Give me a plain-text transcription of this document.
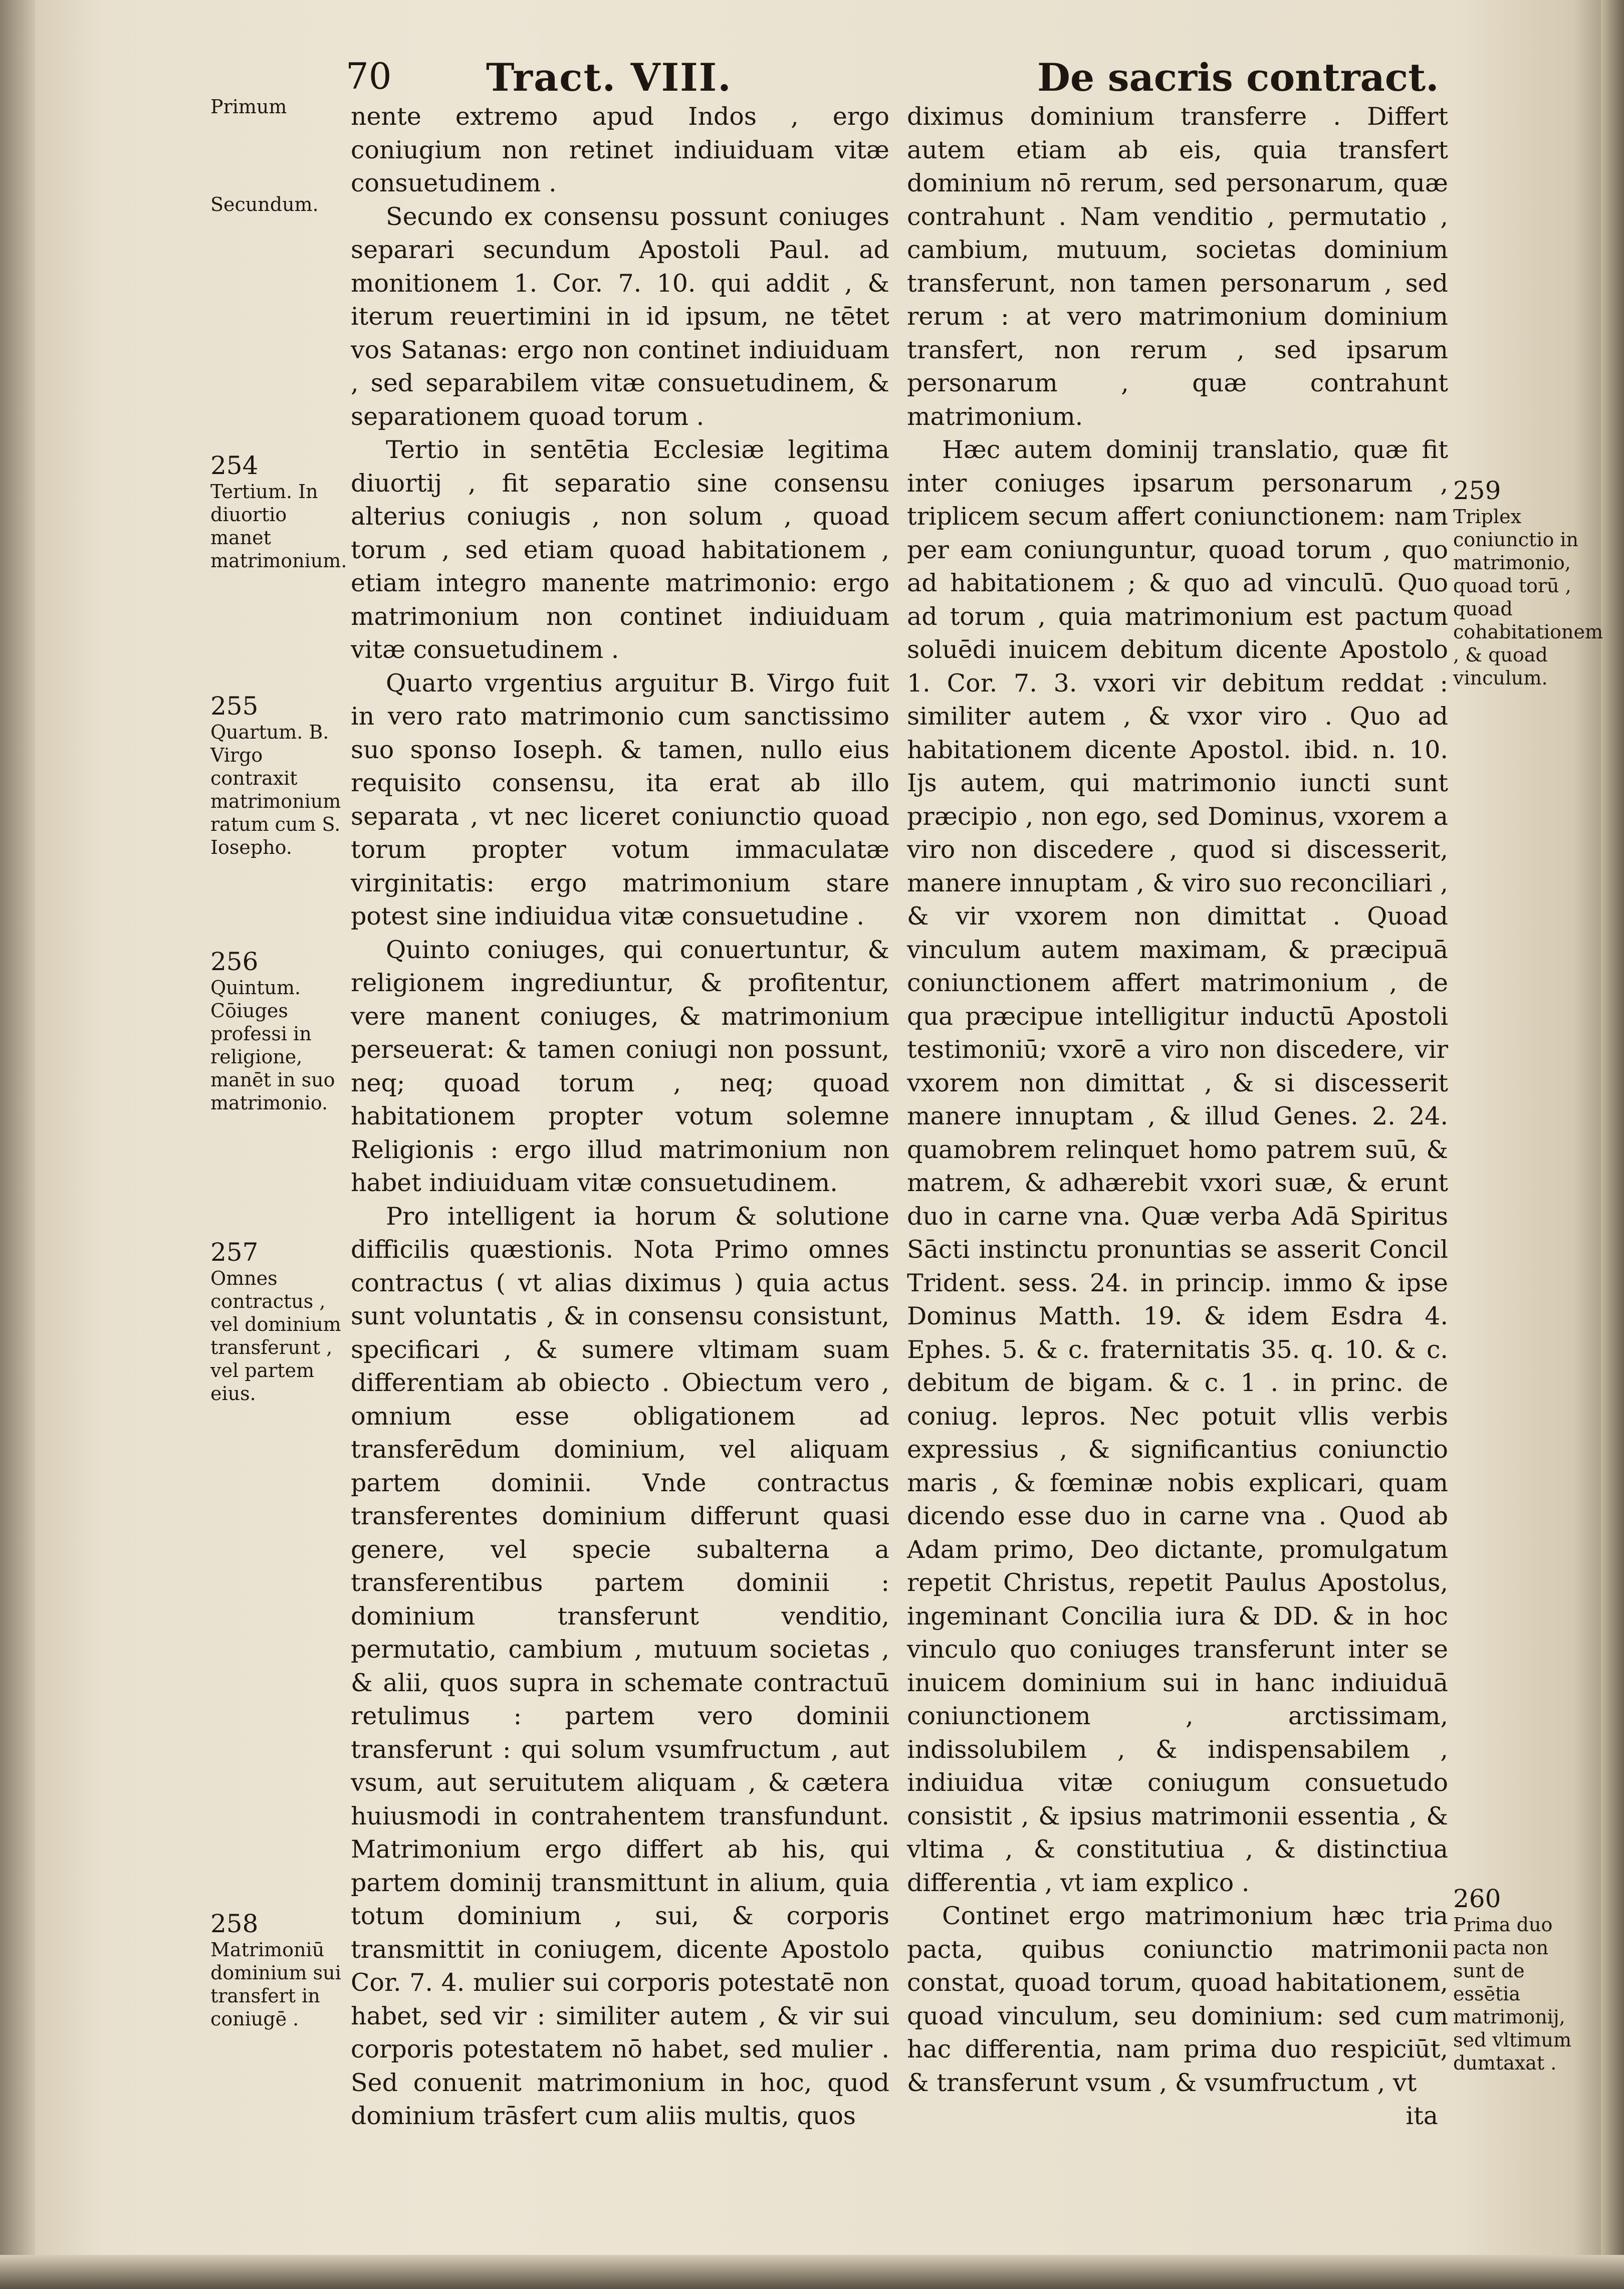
70 Tract. VIII.	De sacris contract.

nente extremo apud Indos , ergo coniugium non retinet indiuiduam vitæ consuetudinem .

Secundo ex consensu possunt coniuges separari secundum Apostoli Paul. ad monitionem 1. Cor. 7. 10. qui addit , & iterum reuertimini in id ipsum, ne tētet vos Satanas: ergo non continet indiuiduam , sed separabilem vitæ consuetudinem, & separationem quoad torum .

Tertio in sentētia Ecclesiæ legitima diuortij , fit separatio sine consensu alterius coniugis , non solum , quoad torum , sed etiam quoad habitationem , etiam integro manente matrimonio: ergo matrimonium non continet indiuiduam vitæ consuetudinem .

Quarto vrgentius arguitur B. Virgo fuit in vero rato matrimonio cum sanctissimo suo sponso Ioseph. & tamen, nullo eius requisito consensu, ita erat ab illo separata , vt nec liceret coniunctio quoad torum propter votum immaculatæ virginitatis: ergo matrimonium stare potest sine indiuidua vitæ consuetudine .

Quinto coniuges, qui conuertuntur, & religionem ingrediuntur, & profitentur, vere manent coniuges, & matrimonium perseuerat: & tamen coniugi non possunt, neq; quoad torum , neq; quoad habitationem propter votum solemne Religionis : ergo illud matrimonium non habet indiuiduam vitæ consuetudinem.

Pro intelligent ia horum & solutione difficilis quæstionis. Nota Primo omnes contractus ( vt alias diximus ) quia actus sunt voluntatis , & in consensu consistunt, specificari , & sumere vltimam suam differentiam ab obiecto . Obiectum vero , omnium esse obligationem ad transferēdum dominium, vel aliquam partem dominii. Vnde contractus transferentes dominium differunt quasi genere, vel specie subalterna a transferentibus partem dominii : dominium transferunt venditio, permutatio, cambium , mutuum societas , & alii, quos supra in schemate contractuū retulimus : partem vero dominii transferunt : qui solum vsumfructum , aut vsum, aut seruitutem aliquam , & cætera huiusmodi in contrahentem transfundunt. Matrimonium ergo differt ab his, qui partem dominij transmittunt in alium, quia totum dominium , sui, & corporis transmittit in coniugem, dicente Apostolo Cor. 7. 4. mulier sui corporis potestatē non habet, sed vir : similiter autem , & vir sui corporis potestatem nō habet, sed mulier . Sed conuenit matrimonium in hoc, quod dominium trāsfert cum aliis multis, quos

diximus dominium transferre . Differt autem etiam ab eis, quia transfert dominium nō rerum, sed personarum, quæ contrahunt . Nam venditio , permutatio , cambium, mutuum, societas dominium transferunt, non tamen personarum , sed rerum : at vero matrimonium dominium transfert, non rerum , sed ipsarum personarum , quæ contrahunt matrimonium.

Hæc autem dominij translatio, quæ fit inter coniuges ipsarum personarum , triplicem secum affert coniunctionem: nam per eam coniunguntur, quoad torum , quo ad habitationem ; & quo ad vinculū. Quo ad torum , quia matrimonium est pactum soluēdi inuicem debitum dicente Apostolo 1. Cor. 7. 3. vxori vir debitum reddat : similiter autem , & vxor viro . Quo ad habitationem dicente Apostol. ibid. n. 10. Ijs autem, qui matrimonio iuncti sunt præcipio , non ego, sed Dominus, vxorem a viro non discedere , quod si discesserit, manere innuptam , & viro suo reconciliari , & vir vxorem non dimittat . Quoad vinculum autem maximam, & præcipuā coniunctionem affert matrimonium , de qua præcipue intelligitur inductū Apostoli testimoniū; vxorē a viro non discedere, vir vxorem non dimittat , & si discesserit manere innuptam , & illud Genes. 2. 24. quamobrem relinquet homo patrem suū, & matrem, & adhærebit vxori suæ, & erunt duo in carne vna. Quæ verba Adā Spiritus Sācti instinctu pronuntias se asserit Concil Trident. sess. 24. in princip. immo & ipse Dominus Matth. 19. & idem Esdra 4. Ephes. 5. & c. fraternitatis 35. q. 10. & c. debitum de bigam. & c. 1 . in princ. de coniug. lepros. Nec potuit vllis verbis expressius , & significantius coniunctio maris , & fœminæ nobis explicari, quam dicendo esse duo in carne vna . Quod ab Adam primo, Deo dictante, promulgatum repetit Christus, repetit Paulus Apostolus, ingeminant Concilia iura & DD. & in hoc vinculo quo coniuges transferunt inter se inuicem dominium sui in hanc indiuiduā coniunctionem , arctissimam, indissolubilem , & indispensabilem , indiuidua vitæ coniugum consuetudo consistit , & ipsius matrimonii essentia , & vltima , & constitutiua , & distinctiua differentia , vt iam explico .

Continet ergo matrimonium hæc tria pacta, quibus coniunctio matrimonii constat, quoad torum, quoad habitationem, quoad vinculum, seu dominium: sed cum hac differentia, nam prima duo respiciūt, & transferunt vsum , & vsumfructum , vt

ita

Primum
Secundum.
254
Tertium. In diuortio manet matrimonium.
255
Quartum. B. Virgo contraxit matrimonium ratum cum S. Iosepho.
256
Quintum. Cōiuges professi in religione, manēt in suo matrimonio.
257
Omnes contractus , vel dominium transferunt , vel partem eius.
258
Matrimoniū dominium sui transfert in coniugē .
259
Triplex coniunctio in matrimonio, quoad torū , quoad cohabitationem , & quoad vinculum.
260
Prima duo pacta non sunt de essētia matrimonij, sed vltimum dumtaxat .
